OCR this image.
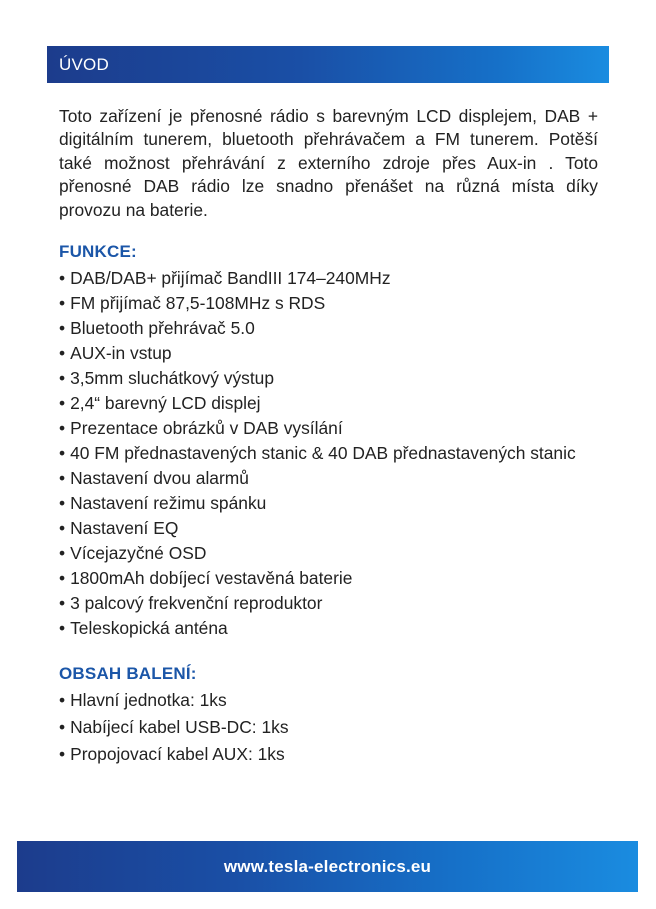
ÚVOD

Toto zařízení je přenosné rádio s barevným LCD displejem, DAB + digitálním tunerem, bluetooth přehrávačem a FM tunerem. Potěší také možnost přehrávání z externího zdroje přes Aux-in . Toto přenosné DAB rádio lze snadno přenášet na různá místa díky provozu na baterie.

FUNKCE:
• DAB/DAB+ přijímač BandIII 174–240MHz
• FM přijímač 87,5-108MHz s RDS
• Bluetooth přehrávač 5.0
• AUX-in vstup
• 3,5mm sluchátkový výstup
• 2,4“ barevný LCD displej
• Prezentace obrázků v DAB vysílání
• 40 FM přednastavených stanic & 40 DAB přednastavených stanic
• Nastavení dvou alarmů
• Nastavení režimu spánku
• Nastavení EQ
• Vícejazyčné OSD
• 1800mAh dobíjecí vestavěná baterie
• 3 palcový frekvenční reproduktor
• Teleskopická anténa
OBSAH BALENÍ:
• Hlavní jednotka: 1ks
• Nabíjecí kabel USB-DC: 1ks
• Propojovací kabel AUX: 1ks
www.tesla-electronics.eu
